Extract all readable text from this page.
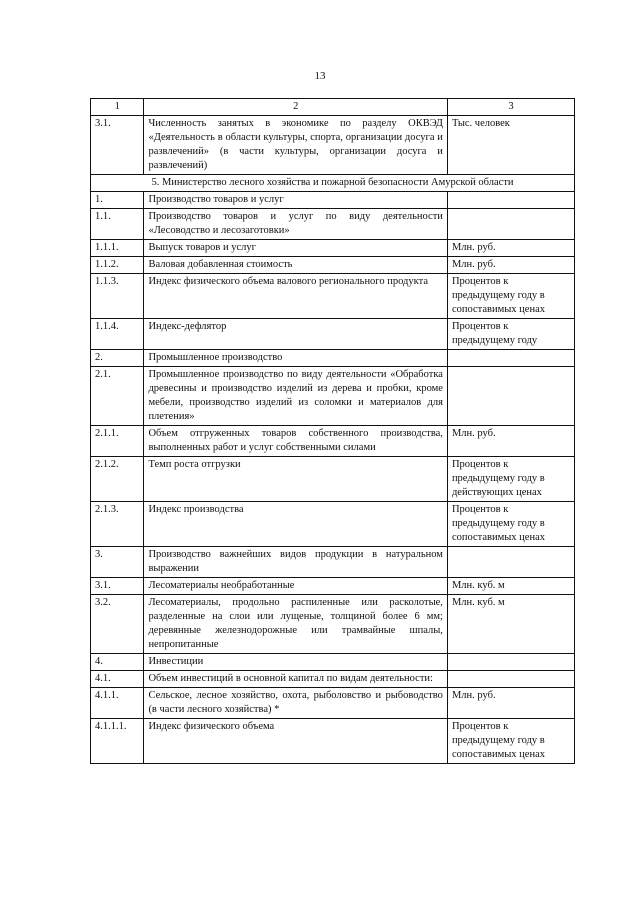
13
1	2	3
3.1.	Численность занятых в экономике по разделу ОКВЭД «Деятельность в области культуры, спорта, организации досуга и развлечений» (в части культуры, организации досуга и развлечений)	Тыс. человек
5. Министерство лесного хозяйства и пожарной безопасности Амурской области		
1.	Производство товаров и услуг	
1.1.	Производство товаров и услуг по виду деятельности «Лесоводство и лесозаготовки»	
1.1.1.	Выпуск товаров и услуг	Млн. руб.
1.1.2.	Валовая добавленная стоимость	Млн. руб.
1.1.3.	Индекс физического объема валового регионального продукта	Процентов к предыдущему году в сопоставимых ценах
1.1.4.	Индекс-дефлятор	Процентов к предыдущему году
2.	Промышленное производство	
2.1.	Промышленное производство по виду деятельности «Обработка древесины и производство изделий из дерева и пробки, кроме мебели, производство изделий из соломки и материалов для плетения»	
2.1.1.	Объем отгруженных товаров собственного производства, выполненных работ и услуг собственными силами	Млн. руб.
2.1.2.	Темп роста отгрузки	Процентов к предыдущему году в действующих ценах
2.1.3.	Индекс производства	Процентов к предыдущему году в сопоставимых ценах
3.	Производство важнейших видов продукции в натуральном выражении	
3.1.	Лесоматериалы необработанные	Млн. куб. м
3.2.	Лесоматериалы, продольно распиленные или расколотые, разделенные на слои или лущеные, толщиной более 6 мм; деревянные железнодорожные или трамвайные шпалы, непропитанные	Млн. куб. м
4.	Инвестиции	
4.1.	Объем инвестиций в основной капитал по видам деятельности:	
4.1.1.	Сельское, лесное хозяйство, охота, рыболовство и рыбоводство (в части лесного хозяйства) *	Млн. руб.
4.1.1.1.	Индекс физического объема	Процентов к предыдущему году в сопоставимых ценах
